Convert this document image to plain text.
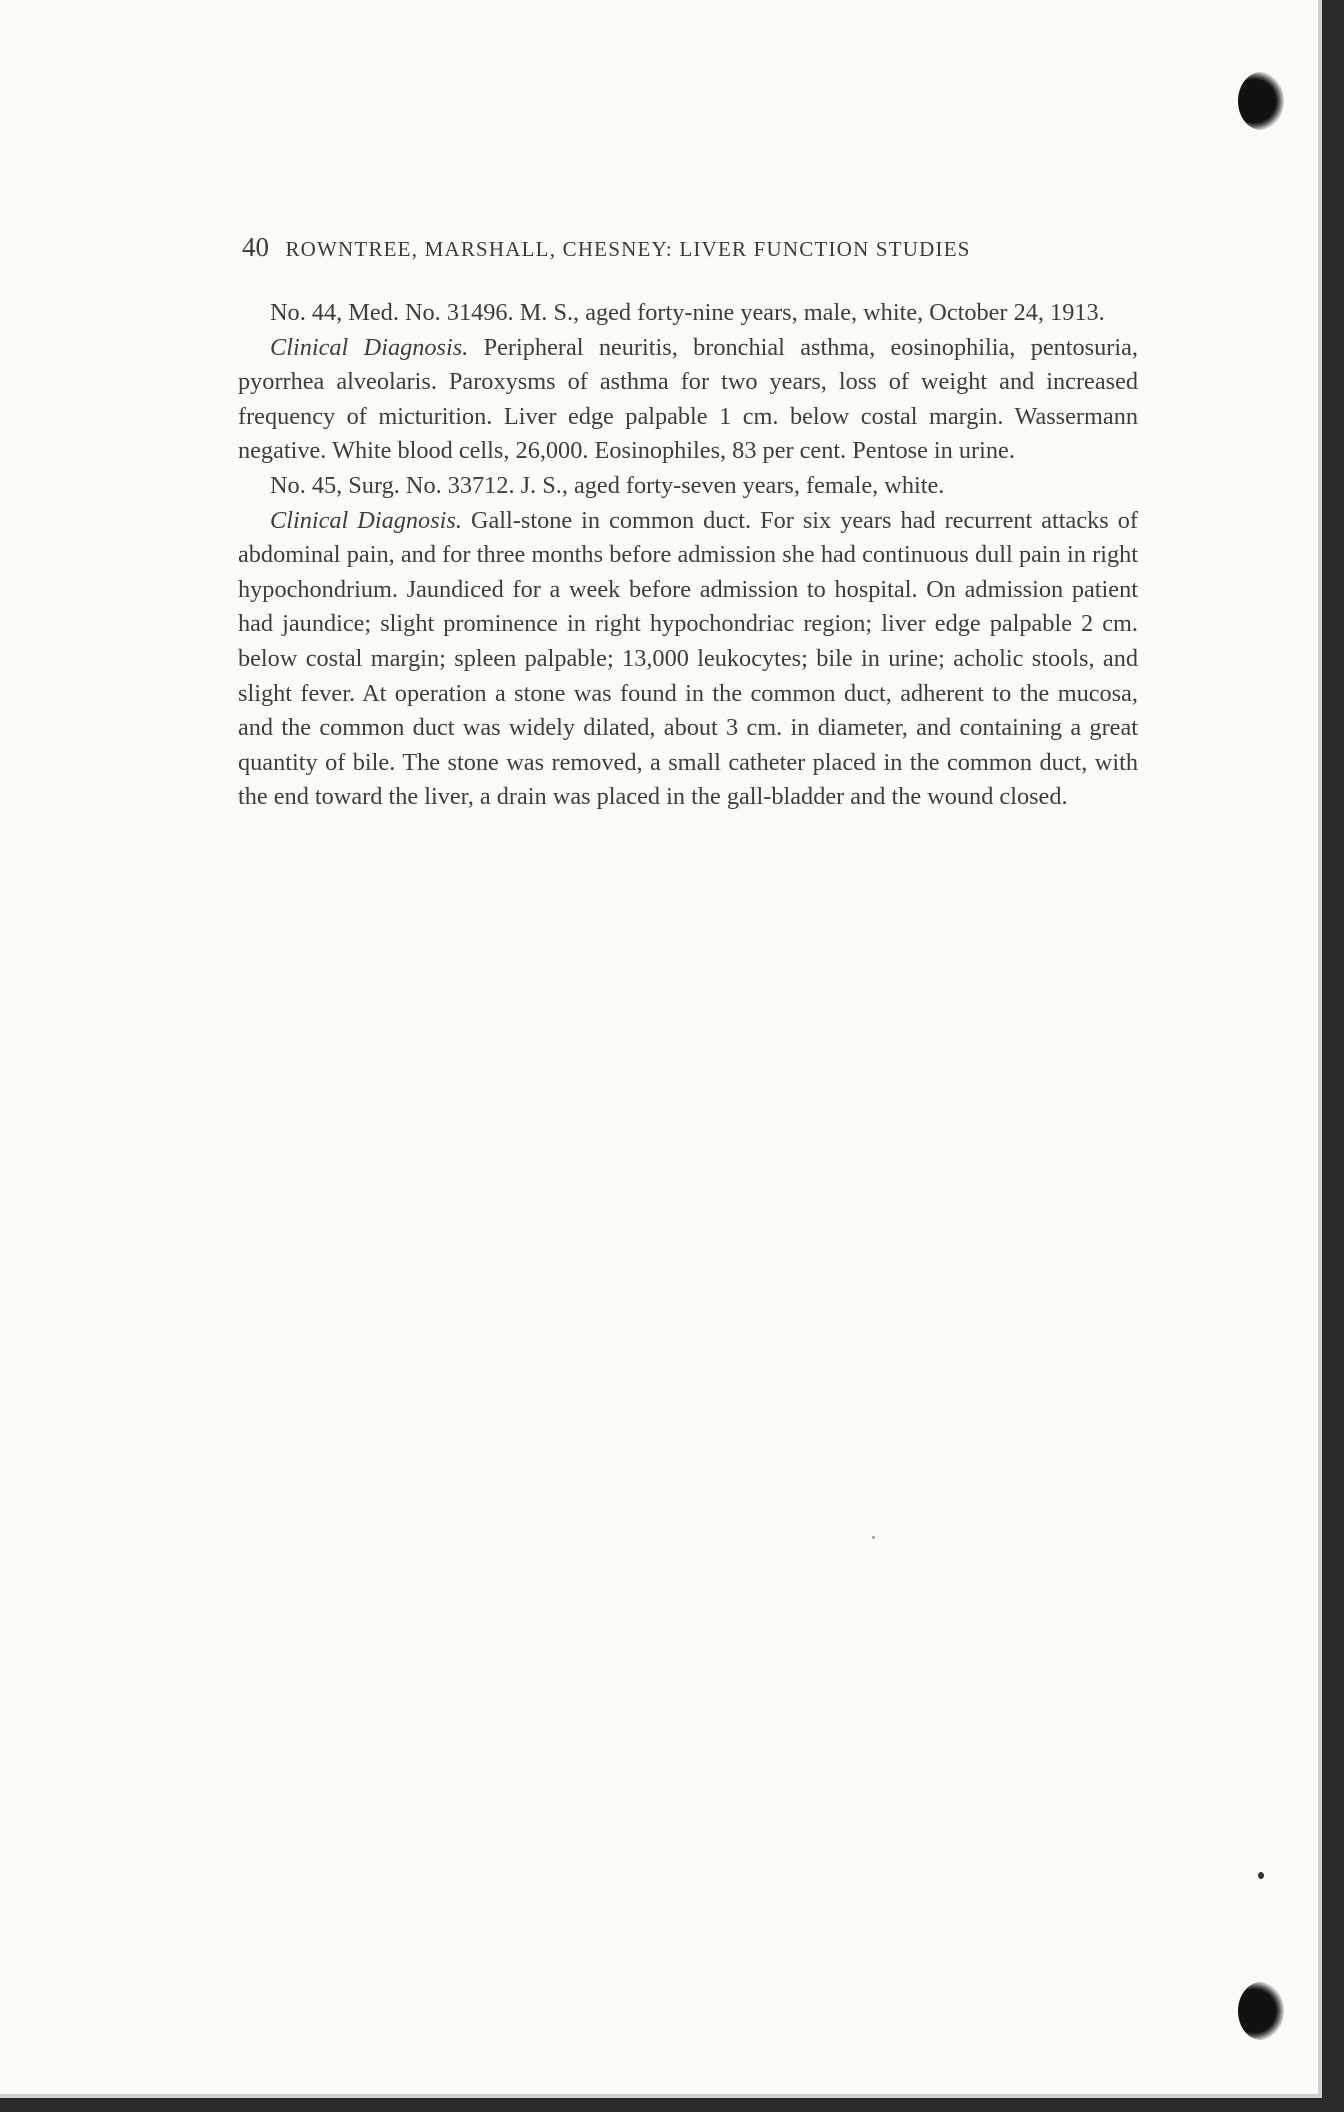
40 ROWNTREE, MARSHALL, CHESNEY: LIVER FUNCTION STUDIES

No. 44, Med. No. 31496. M. S., aged forty-nine years, male, white, October 24, 1913.

Clinical Diagnosis. Peripheral neuritis, bronchial asthma, eosinophilia, pentosuria, pyorrhea alveolaris. Paroxysms of asthma for two years, loss of weight and increased frequency of micturition. Liver edge palpable 1 cm. below costal margin. Wassermann negative. White blood cells, 26,000. Eosinophiles, 83 per cent. Pentose in urine.

No. 45, Surg. No. 33712. J. S., aged forty-seven years, female, white.

Clinical Diagnosis. Gall-stone in common duct. For six years had recurrent attacks of abdominal pain, and for three months before admission she had continuous dull pain in right hypochondrium. Jaundiced for a week before admission to hospital. On admission patient had jaundice; slight prominence in right hypochondriac region; liver edge palpable 2 cm. below costal margin; spleen palpable; 13,000 leukocytes; bile in urine; acholic stools, and slight fever. At operation a stone was found in the common duct, adherent to the mucosa, and the common duct was widely dilated, about 3 cm. in diameter, and containing a great quantity of bile. The stone was removed, a small catheter placed in the common duct, with the end toward the liver, a drain was placed in the gall-bladder and the wound closed.
